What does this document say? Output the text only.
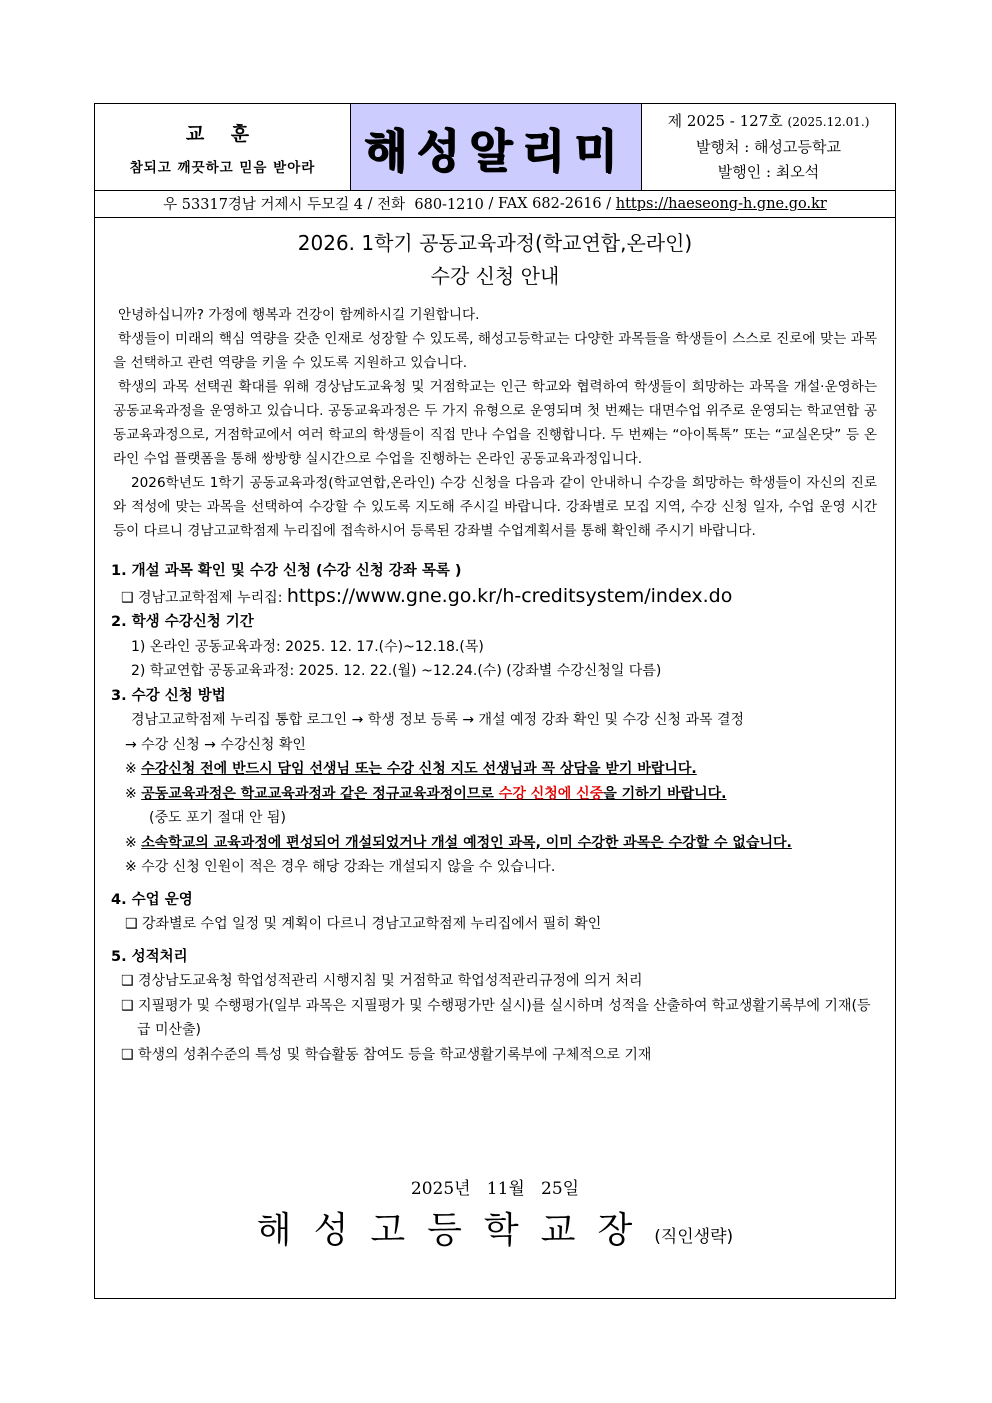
교 훈
참되고 깨끗하고 믿음 받아라 해성알리미
제 2025 - 127호 (2025.12.01.)
발행처 : 해성고등학교
발행인 : 최오석
우 53317 경남 거제시 두모길 4 / 전화  680-1210 / FAX 682-2616 / https://haeseong-h.gne.go.kr
2026. 1학기 공동교육과정(학교연합,온라인)
수강 신청 안내

안녕하십니까? 가정에 행복과 건강이 함께하시길 기원합니다.

학생들이 미래의 핵심 역량을 갖춘 인재로 성장할 수 있도록, 해성고등학교는 다양한 과목들을 학생들이 스스로 진로에 맞는 과목을 선택하고 관련 역량을 키울 수 있도록 지원하고 있습니다.

학생의 과목 선택권 확대를 위해 경상남도교육청 및 거점학교는 인근 학교와 협력하여 학생들이 희망하는 과목을 개설·운영하는 공동교육과정을 운영하고 있습니다. 공동교육과정은 두 가지 유형으로 운영되며 첫 번째는 대면수업 위주로 운영되는 학교연합 공동교육과정으로, 거점학교에서 여러 학교의 학생들이 직접 만나 수업을 진행합니다. 두 번째는 “아이톡톡” 또는 “교실온닷” 등 온라인 수업 플랫폼을 통해 쌍방향 실시간으로 수업을 진행하는 온라인 공동교육과정입니다.

2026학년도 1학기 공동교육과정(학교연합,온라인) 수강 신청을 다음과 같이 안내하니 수강을 희망하는 학생들이 자신의 진로와 적성에 맞는 과목을 선택하여 수강할 수 있도록 지도해 주시길 바랍니다. 강좌별로 모집 지역, 수강 신청 일자, 수업 운영 시간 등이 다르니 경남고교학점제 누리집에 접속하시어 등록된 강좌별 수업계획서를 통해 확인해 주시기 바랍니다.

1. 개설 과목 확인 및 수강 신청 (수강 신청 강좌 목록 )
❑ 경남고교학점제 누리집: https://www.gne.go.kr/h-creditsystem/index.do
2. 학생 수강신청 기간
1) 온라인 공동교육과정: 2025. 12. 17.(수)~12.18.(목)
2) 학교연합 공동교육과정: 2025. 12. 22.(월) ~12.24.(수) (강좌별 수강신청일 다름)
3. 수강 신청 방법
경남고교학점제 누리집 통합 로그인 → 학생 정보 등록 → 개설 예정 강좌 확인 및 수강 신청 과목 결정
→ 수강 신청 → 수강신청 확인
※ 수강신청 전에 반드시 담임 선생님 또는 수강 신청 지도 선생님과 꼭 상담을 받기 바랍니다.
※ 공동교육과정은 학교교육과정과 같은 정규교육과정이므로 수강 신청에 신중을 기하기 바랍니다.
(중도 포기 절대 안 됨)
※ 소속학교의 교육과정에 편성되어 개설되었거나 개설 예정인 과목, 이미 수강한 과목은 수강할 수 없습니다.
※ 수강 신청 인원이 적은 경우 해당 강좌는 개설되지 않을 수 있습니다.
4. 수업 운영
❑ 강좌별로 수업 일정 및 계획이 다르니 경남고교학점제 누리집에서 필히 확인
5. 성적처리
❑ 경상남도교육청 학업성적관리 시행지침 및 거점학교 학업성적관리규정에 의거 처리
❑ 지필평가 및 수행평가(일부 과목은 지필평가 및 수행평가만 실시)를 실시하며 성적을 산출하여 학교생활기록부에 기재(등급 미산출)
❑ 학생의 성취수준의 특성 및 학습활동 참여도 등을 학교생활기록부에 구체적으로 기재
2025년   11월   25일
해성고등학교장(직인생략)
